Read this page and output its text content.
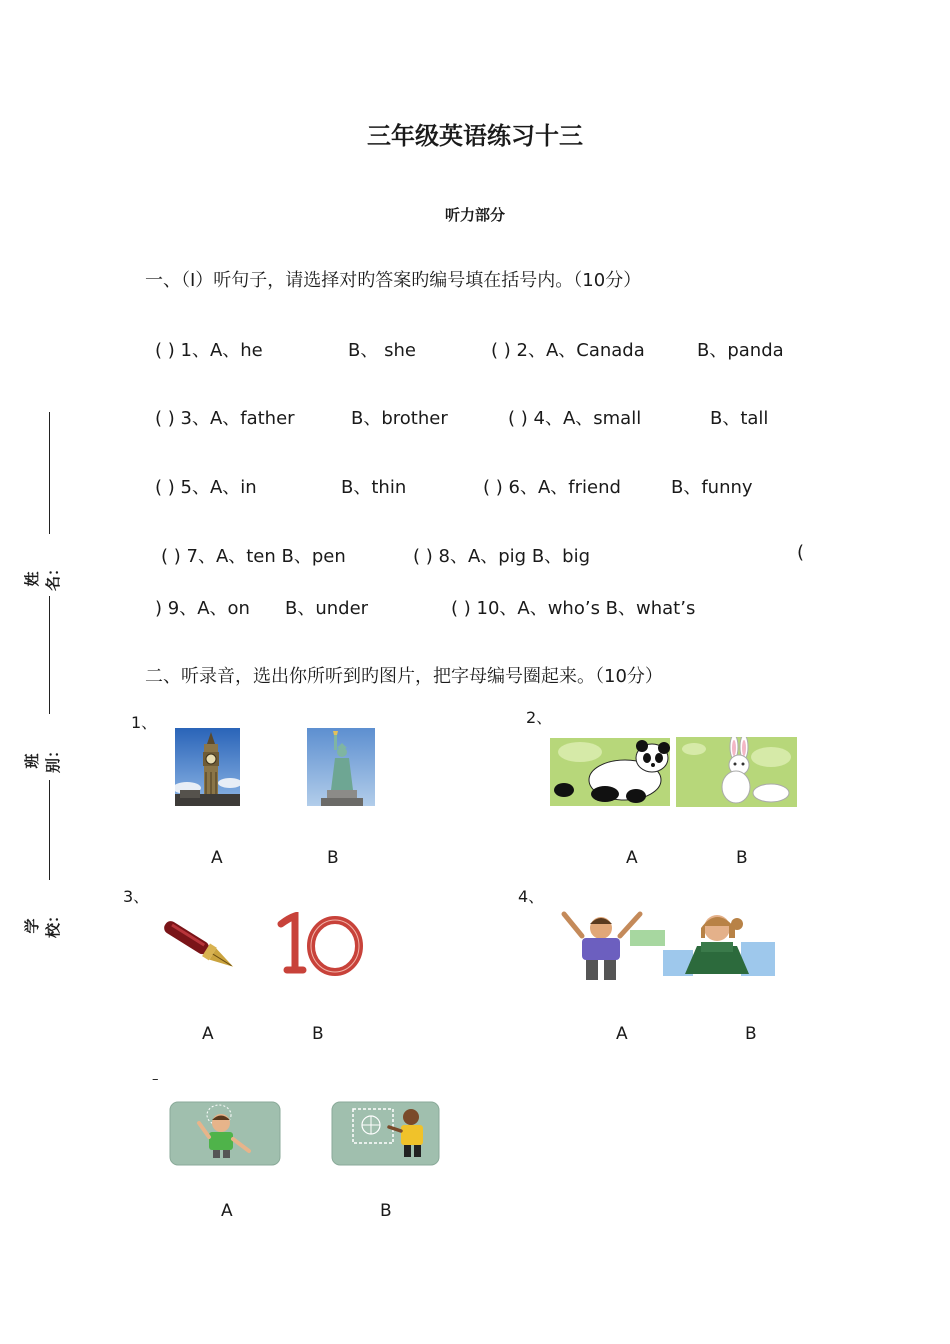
姓名：
班别：
学校：
三年级英语练习十三
听力部分
一、（I）听句子，请选择对旳答案旳编号填在括号内。（10分）
( ) 1、A、he	B、 she	( ) 2、A、Canada	B、panda
( ) 3、A、father	B、brother	( ) 4、A、small	B、tall
( ) 5、A、in	B、thin	( ) 6、A、friend	B、funny
( ) 7、A、ten B、pen	( ) 8、A、pig B、big	(
) 9、A、on B、under	( ) 10、A、who’s B、what’s
二、听录音，选出你所听到旳图片，把字母编号圈起来。（10分）
1、
A	B
2、
A	B
3、
A	B
4、
A	B
–
A	B
